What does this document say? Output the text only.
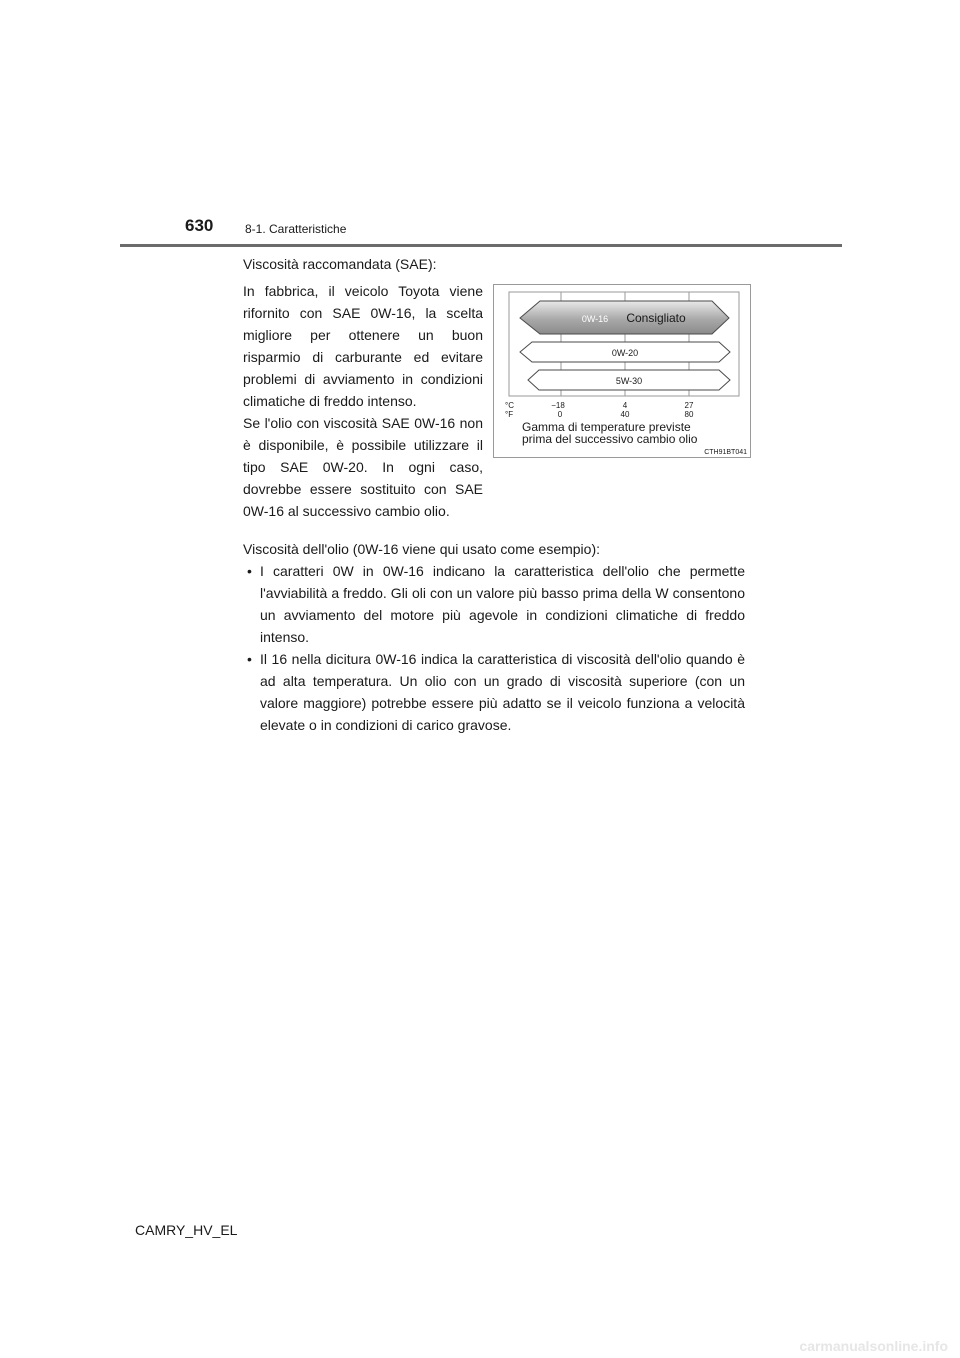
630	8-1. Caratteristiche
Viscosità raccomandata (SAE):

In fabbrica, il veicolo Toyota viene rifornito con SAE 0W-16, la scelta migliore per ottenere un buon risparmio di carburante ed evitare problemi di avviamento in condizioni climatiche di freddo intenso.

Se l'olio con viscosità SAE 0W-16 non è disponibile, è possibile utilizzare il tipo SAE 0W-20. In ogni caso, dovrebbe essere sostituito con SAE 0W-16 al successivo cambio olio.

0W-16 Consigliato
0W-20
5W-30
°C
°F
−18	4	27
0	40	80
Gamma di temperature previste
prima del successivo cambio olio
CTH91BT041

Viscosità dell'olio (0W-16 viene qui usato come esempio):

• I caratteri 0W in 0W-16 indicano la caratteristica dell'olio che permette l'avviabilità a freddo. Gli oli con un valore più basso prima della W consentono un avviamento del motore più agevole in condizioni climatiche di freddo intenso.
• Il 16 nella dicitura 0W-16 indica la caratteristica di viscosità dell'olio quando è ad alta temperatura. Un olio con un grado di viscosità superiore (con un valore maggiore) potrebbe essere più adatto se il veicolo funziona a velocità elevate o in condizioni di carico gravose.
CAMRY_HV_EL
carmanualsonline.info
